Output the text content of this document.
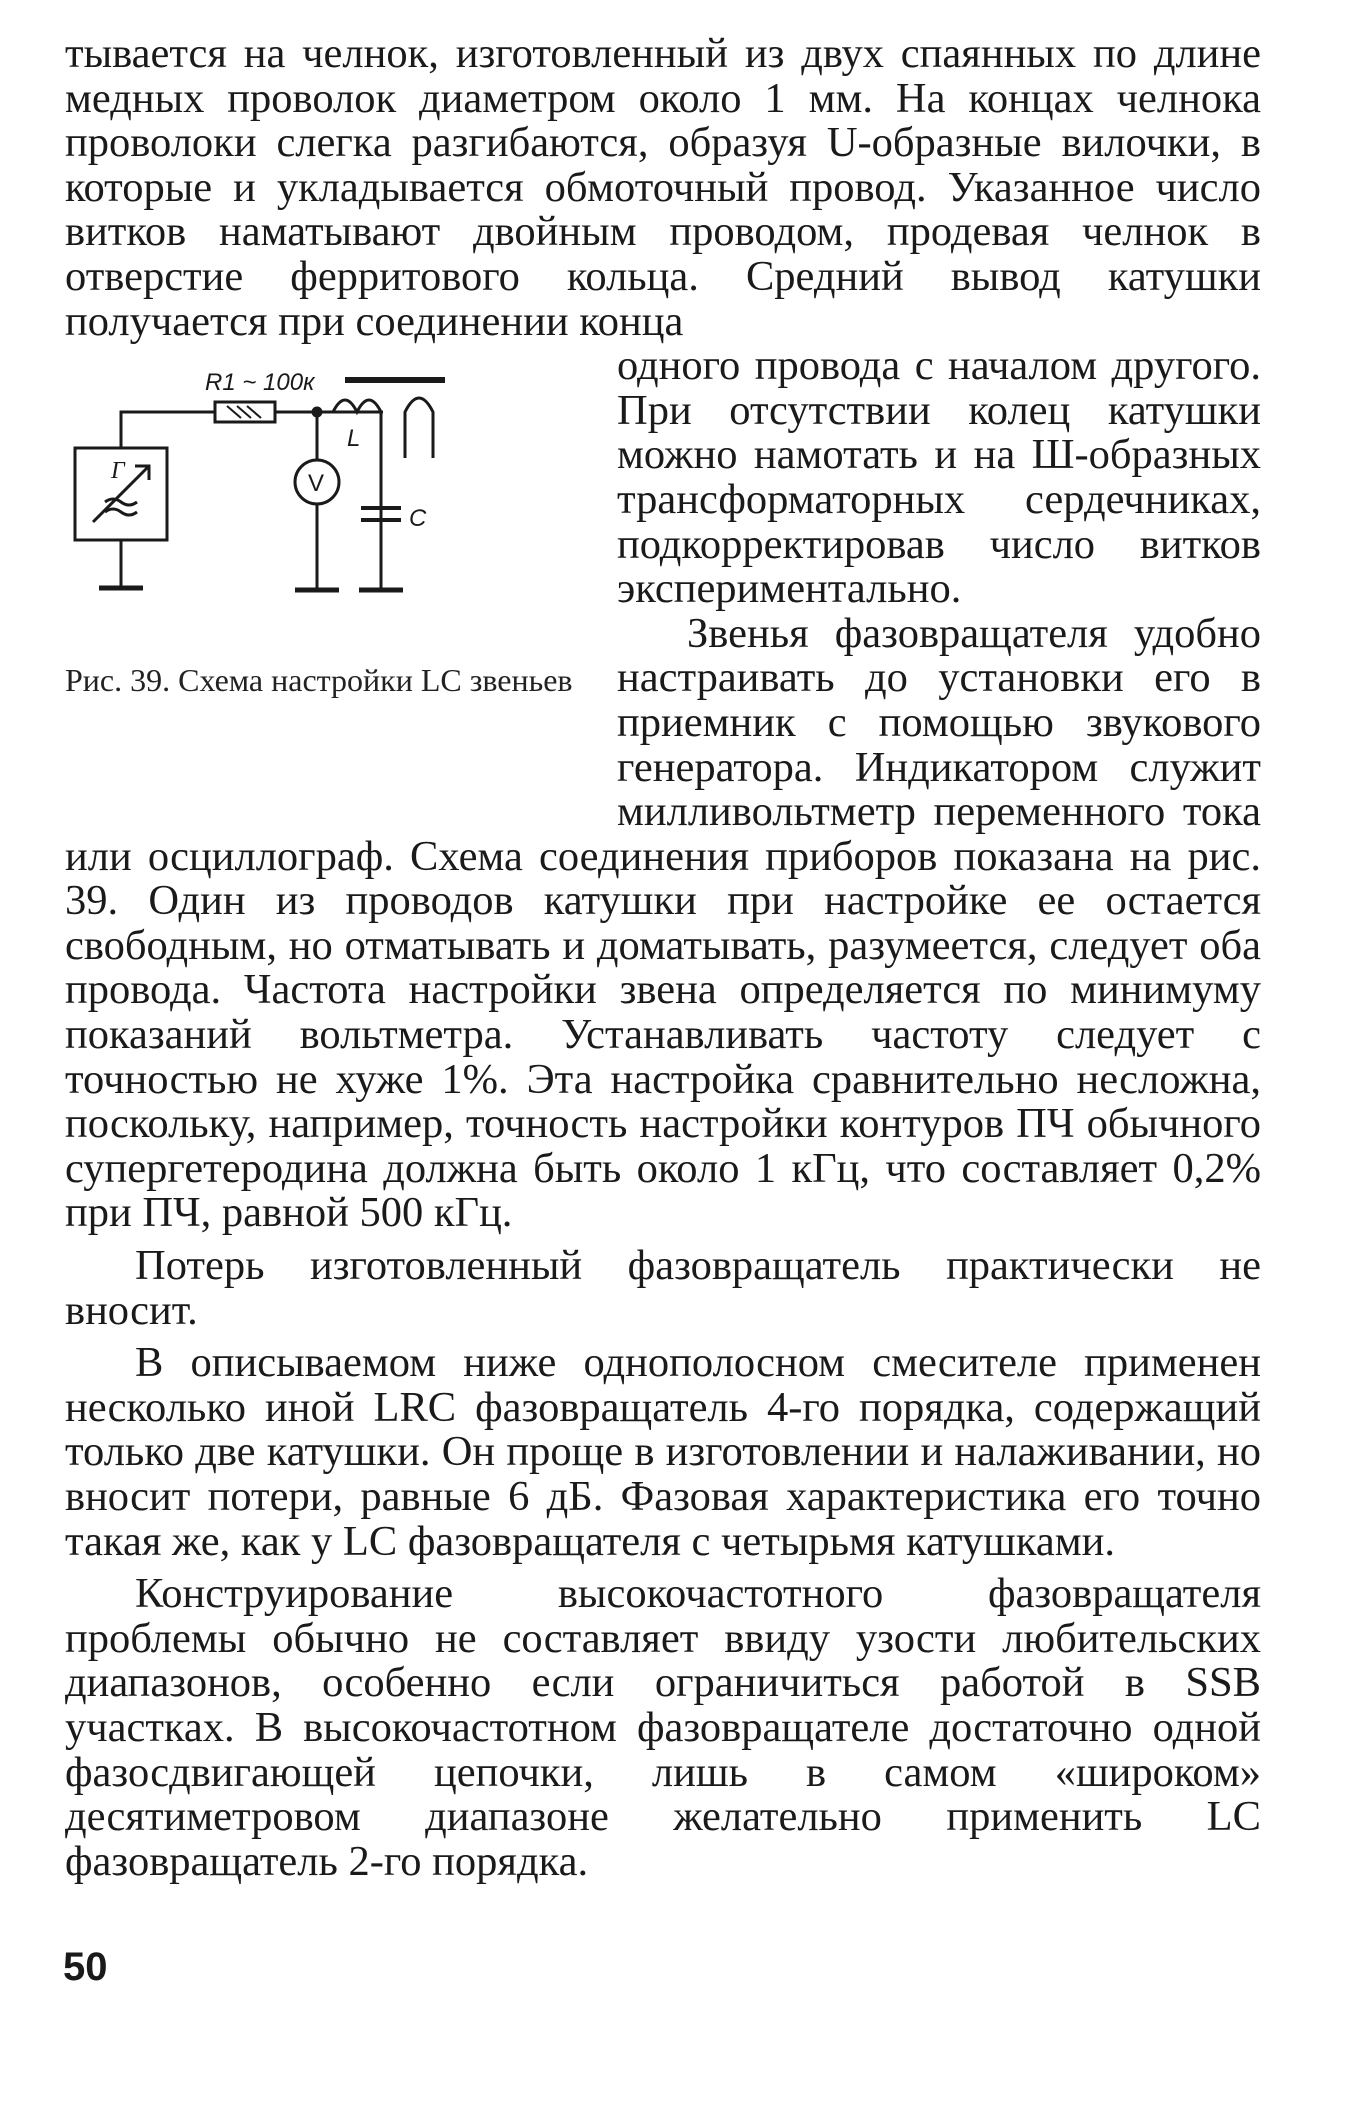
тывается на челнок, изготовленный из двух спаянных по длине медных проволок диаметром около 1 мм. На концах челнока проволоки слегка разгибаются, образуя U-образные вилочки, в которые и укладывается обмоточный провод. Указанное число витков наматывают двойным проводом, продевая челнок в отверстие ферритового кольца. Средний вывод катушки получается при соединении конца

Г
R1 ~ 100к
V
L
C
Рис. 39. Схема настройки LC звеньев

одного провода с началом другого. При отсутствии колец катушки можно намотать и на Ш-образных трансформаторных сердечниках, подкорректировав число витков экспериментально.

Звенья фазовращателя удобно настраивать до установки его в приемник с помощью звукового генератора. Индикатором служит милливольтметр переменного тока или осциллограф. Схема соединения приборов показана на рис. 39. Один из проводов катушки при настройке ее остается свободным, но отматывать и доматывать, разумеется, следует оба провода. Частота настройки звена определяется по минимуму показаний вольтметра. Устанавливать частоту следует с точностью не хуже 1%. Эта настройка сравнительно несложна, поскольку, например, точность настройки контуров ПЧ обычного супергетеродина должна быть около 1 кГц, что составляет 0,2% при ПЧ, равной 500 кГц.

Потерь изготовленный фазовращатель практически не вносит.

В описываемом ниже однополосном смесителе применен несколько иной LRC фазовращатель 4-го порядка, содержащий только две катушки. Он проще в изготовлении и налаживании, но вносит потери, равные 6 дБ. Фазовая характеристика его точно такая же, как у LC фазовращателя с четырьмя катушками.

Конструирование высокочастотного фазовращателя проблемы обычно не составляет ввиду узости любительских диапазонов, особенно если ограничиться работой в SSB участках. В высокочастотном фазовращателе достаточно одной фазосдвигающей цепочки, лишь в самом «широком» десятиметровом диапазоне желательно применить LC фазовращатель 2-го порядка.

50
